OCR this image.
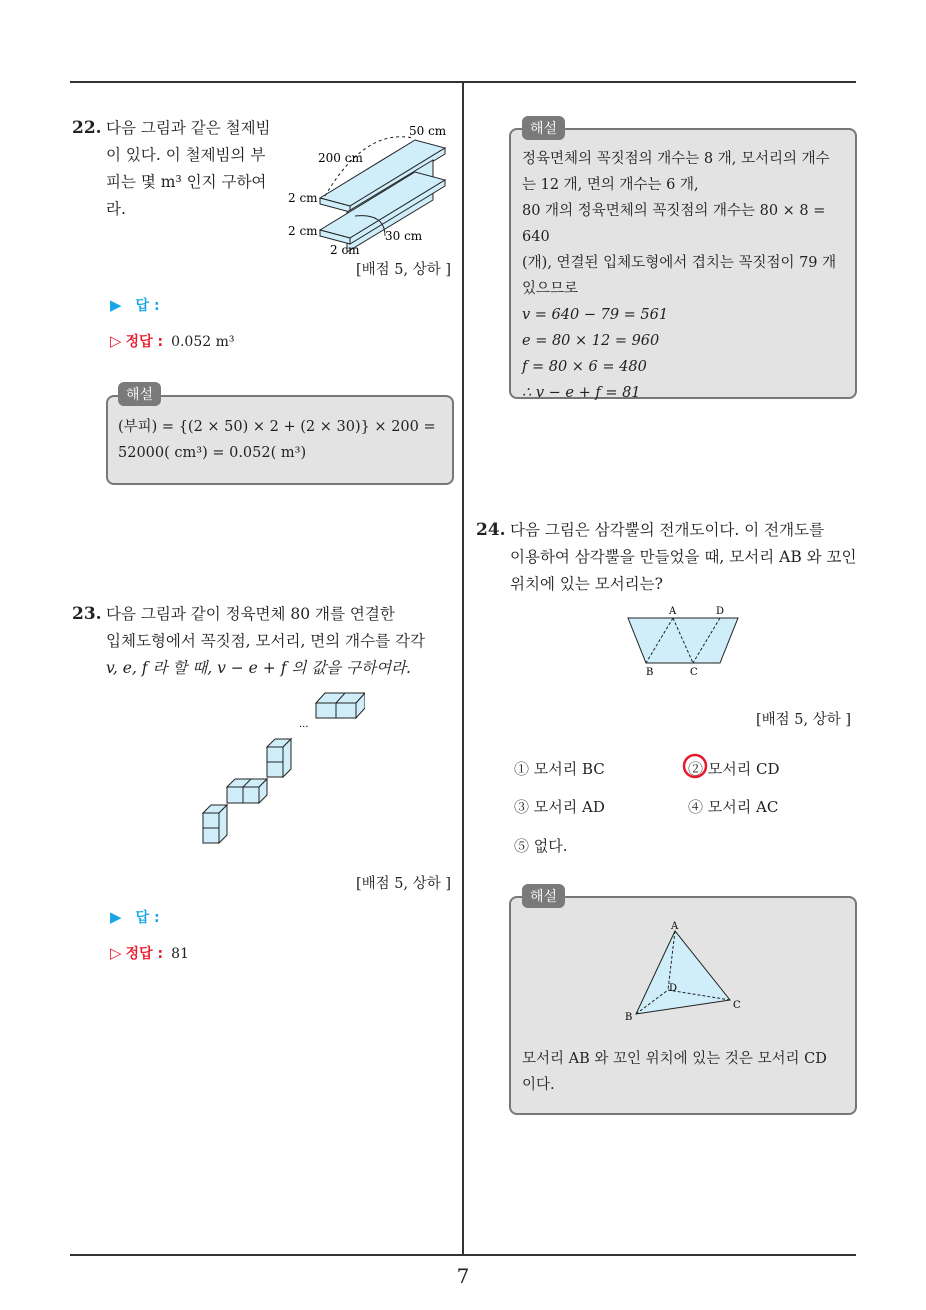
22. 다음 그림과 같은 철제빔
이 있다. 이 철제빔의 부
피는 몇 m³ 인지 구하여
라.
200 cm
50 cm
2 cm
2 cm
2 cm
30 cm
[배점 5, 상하 ]
▶ 답 :
▷ 정답 : 0.052 m³
해설
(부피) = {(2 × 50) × 2 + (2 × 30)} × 200 =
52000( cm³) = 0.052( m³)
23. 다음 그림과 같이 정육면체 80 개를 연결한
입체도형에서 꼭짓점, 모서리, 면의 개수를 각각
v, e, f 라 할 때, v − e + f 의 값을 구하여라.
···
[배점 5, 상하 ]
▶ 답 :
▷ 정답 : 81
해설
정육면체의 꼭짓점의 개수는 8 개, 모서리의 개수
는 12 개, 면의 개수는 6 개,
80 개의 정육면체의 꼭짓점의 개수는 80 × 8 = 640
(개), 연결된 입체도형에서 겹치는 꼭짓점이 79 개
있으므로
v = 640 − 79 = 561
e = 80 × 12 = 960
f = 80 × 6 = 480
∴ v − e + f = 81
24. 다음 그림은 삼각뿔의 전개도이다. 이 전개도를
이용하여 삼각뿔을 만들었을 때, 모서리 AB 와 꼬인
위치에 있는 모서리는?
A	D
B	C
[배점 5, 상하 ]
① 모서리 BC	② 모서리 CD
③ 모서리 AD	④ 모서리 AC
⑤ 없다.
해설
A
B
C
D
모서리 AB 와 꼬인 위치에 있는 것은 모서리 CD
이다.
7
